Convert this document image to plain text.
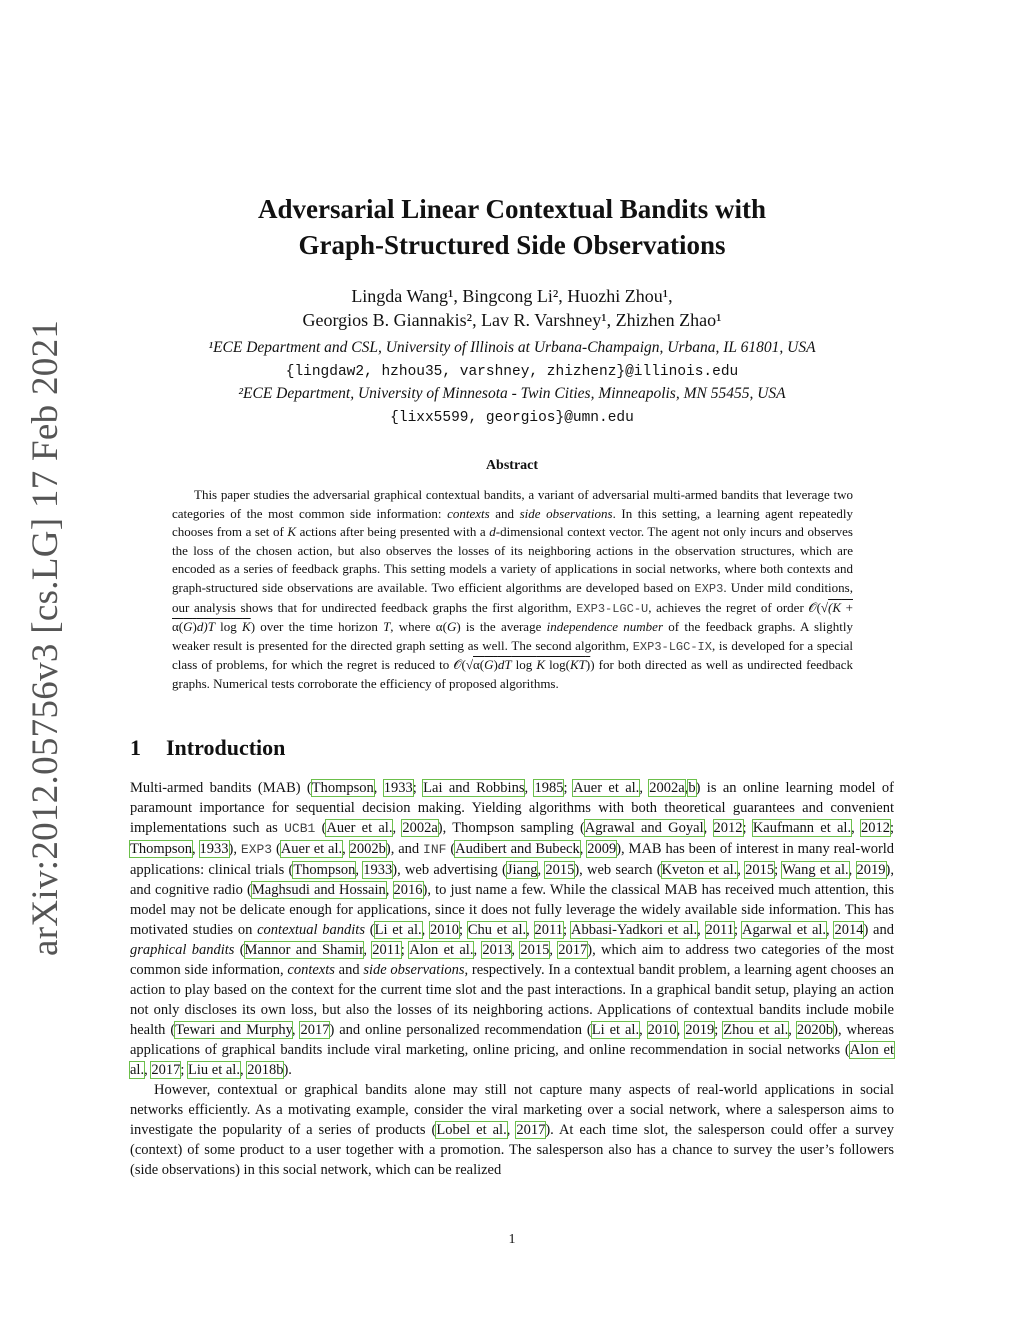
arXiv:2012.05756v3 [cs.LG] 17 Feb 2021
Adversarial Linear Contextual Bandits with
Graph-Structured Side Observations
Lingda Wang¹, Bingcong Li², Huozhi Zhou¹,
Georgios B. Giannakis², Lav R. Varshney¹, Zhizhen Zhao¹
¹ECE Department and CSL, University of Illinois at Urbana-Champaign, Urbana, IL 61801, USA
{lingdaw2, hzhou35, varshney, zhizhenz}@illinois.edu
²ECE Department, University of Minnesota - Twin Cities, Minneapolis, MN 55455, USA
{lixx5599, georgios}@umn.edu
Abstract

This paper studies the adversarial graphical contextual bandits, a variant of adversarial multi-armed bandits that leverage two categories of the most common side information: contexts and side observations. In this setting, a learning agent repeatedly chooses from a set of K actions after being presented with a d-dimensional context vector. The agent not only incurs and observes the loss of the chosen action, but also observes the losses of its neighboring actions in the observation structures, which are encoded as a series of feedback graphs. This setting models a variety of applications in social networks, where both contexts and graph-structured side observations are available. Two efficient algorithms are developed based on EXP3. Under mild conditions, our analysis shows that for undirected feedback graphs the first algorithm, EXP3-LGC-U, achieves the regret of order 𝒪(√(K + α(G)d)T log K) over the time horizon T, where α(G) is the average independence number of the feedback graphs. A slightly weaker result is presented for the directed graph setting as well. The second algorithm, EXP3-LGC-IX, is developed for a special class of problems, for which the regret is reduced to 𝒪(√α(G)dT log K log(KT)) for both directed as well as undirected feedback graphs. Numerical tests corroborate the efficiency of proposed algorithms.

1 Introduction

Multi-armed bandits (MAB) (Thompson, 1933; Lai and Robbins, 1985; Auer et al., 2002a,b) is an online learning model of paramount importance for sequential decision making. Yielding algorithms with both theoretical guarantees and convenient implementations such as UCB1 (Auer et al., 2002a), Thompson sampling (Agrawal and Goyal, 2012; Kaufmann et al., 2012; Thompson, 1933), EXP3 (Auer et al., 2002b), and INF (Audibert and Bubeck, 2009), MAB has been of interest in many real-world applications: clinical trials (Thompson, 1933), web advertising (Jiang, 2015), web search (Kveton et al., 2015; Wang et al., 2019), and cognitive radio (Maghsudi and Hossain, 2016), to just name a few. While the classical MAB has received much attention, this model may not be delicate enough for applications, since it does not fully leverage the widely available side information. This has motivated studies on contextual bandits (Li et al., 2010; Chu et al., 2011; Abbasi-Yadkori et al., 2011; Agarwal et al., 2014) and graphical bandits (Mannor and Shamir, 2011; Alon et al., 2013, 2015, 2017), which aim to address two categories of the most common side information, contexts and side observations, respectively. In a contextual bandit problem, a learning agent chooses an action to play based on the context for the current time slot and the past interactions. In a graphical bandit setup, playing an action not only discloses its own loss, but also the losses of its neighboring actions. Applications of contextual bandits include mobile health (Tewari and Murphy, 2017) and online personalized recommendation (Li et al., 2010, 2019; Zhou et al., 2020b), whereas applications of graphical bandits include viral marketing, online pricing, and online recommendation in social networks (Alon et al., 2017; Liu et al., 2018b).

However, contextual or graphical bandits alone may still not capture many aspects of real-world applications in social networks efficiently. As a motivating example, consider the viral marketing over a social network, where a salesperson aims to investigate the popularity of a series of products (Lobel et al., 2017). At each time slot, the salesperson could offer a survey (context) of some product to a user together with a promotion. The salesperson also has a chance to survey the user’s followers (side observations) in this social network, which can be realized

1
